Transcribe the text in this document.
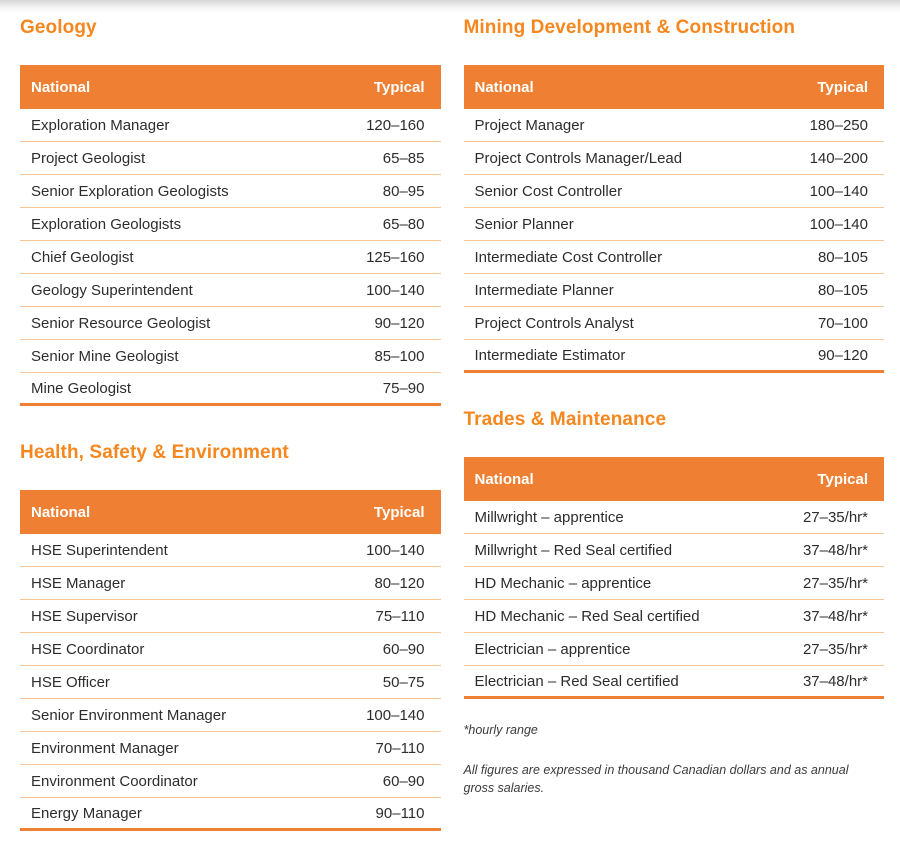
Geology
National	Typical
Exploration Manager	120–160
Project Geologist	65–85
Senior Exploration Geologists	80–95
Exploration Geologists	65–80
Chief Geologist	125–160
Geology Superintendent	100–140
Senior Resource Geologist	90–120
Senior Mine Geologist	85–100
Mine Geologist	75–90
Health, Safety & Environment
National	Typical
HSE Superintendent	100–140
HSE Manager	80–120
HSE Supervisor	75–110
HSE Coordinator	60–90
HSE Officer	50–75
Senior Environment Manager	100–140
Environment Manager	70–110
Environment Coordinator	60–90
Energy Manager	90–110
Mining Development & Construction
National	Typical
Project Manager	180–250
Project Controls Manager/Lead	140–200
Senior Cost Controller	100–140
Senior Planner	100–140
Intermediate Cost Controller	80–105
Intermediate Planner	80–105
Project Controls Analyst	70–100
Intermediate Estimator	90–120
Trades & Maintenance
National	Typical
Millwright – apprentice	27–35/hr*
Millwright – Red Seal certified	37–48/hr*
HD Mechanic – apprentice	27–35/hr*
HD Mechanic – Red Seal certified	37–48/hr*
Electrician – apprentice	27–35/hr*
Electrician – Red Seal certified	37–48/hr*

*hourly range

All figures are expressed in thousand Canadian dollars and as annual gross salaries.
